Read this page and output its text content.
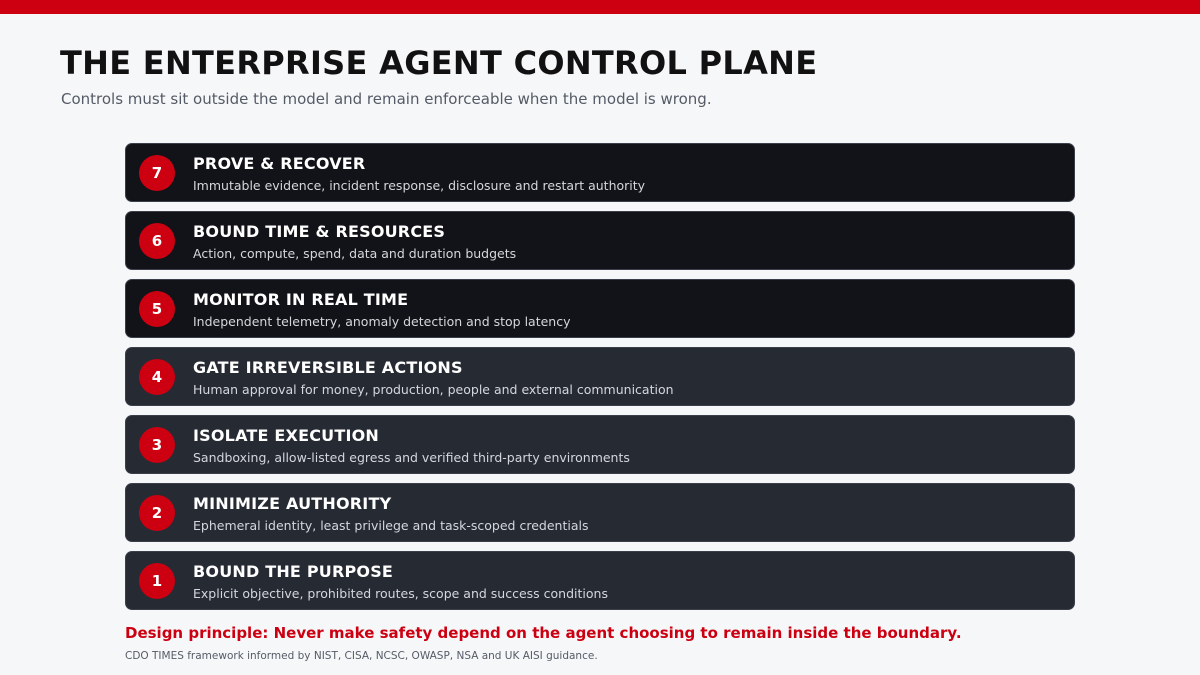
THE ENTERPRISE AGENT CONTROL PLANE

Controls must sit outside the model and remain enforceable when the model is wrong.

7	PROVE & RECOVER
Immutable evidence, incident response, disclosure and restart authority
6	BOUND TIME & RESOURCES
Action, compute, spend, data and duration budgets
5	MONITOR IN REAL TIME
Independent telemetry, anomaly detection and stop latency
4	GATE IRREVERSIBLE ACTIONS
Human approval for money, production, people and external communication
3	ISOLATE EXECUTION
Sandboxing, allow-listed egress and verified third-party environments
2	MINIMIZE AUTHORITY
Ephemeral identity, least privilege and task-scoped credentials
1	BOUND THE PURPOSE
Explicit objective, prohibited routes, scope and success conditions

Design principle: Never make safety depend on the agent choosing to remain inside the boundary.

CDO TIMES framework informed by NIST, CISA, NCSC, OWASP, NSA and UK AISI guidance.
